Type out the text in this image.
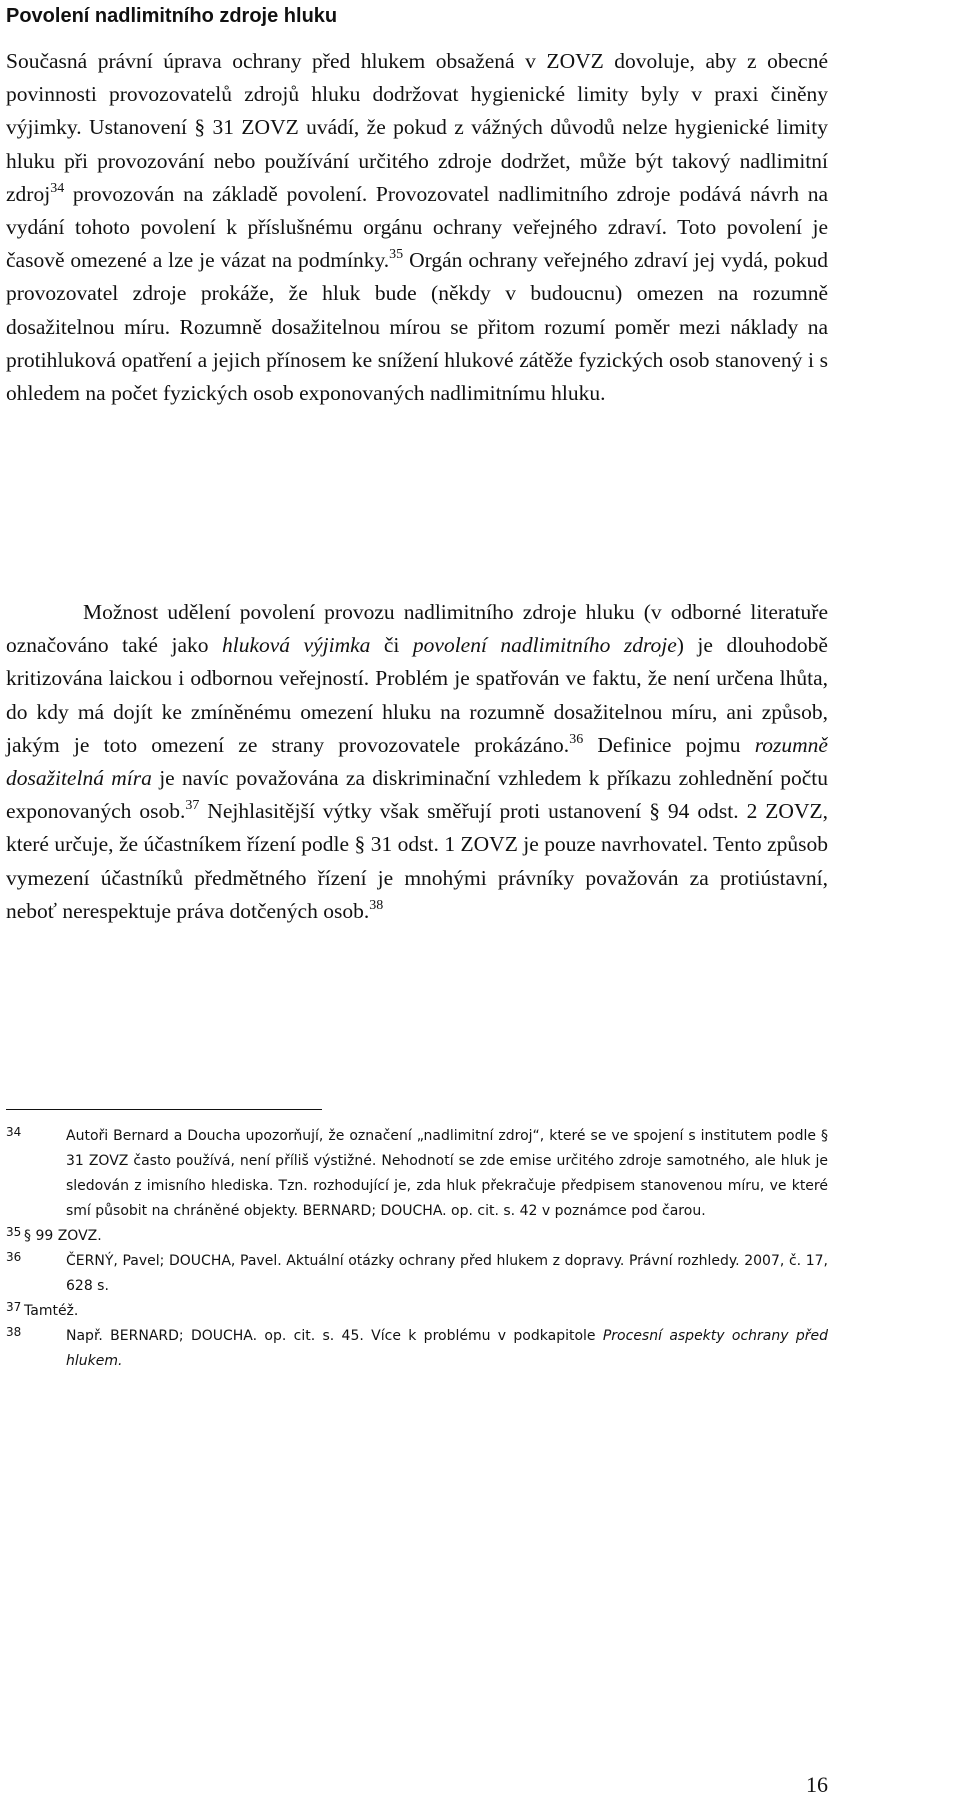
Povolení nadlimitního zdroje hluku

Současná právní úprava ochrany před hlukem obsažená v ZOVZ dovoluje, aby z obecné povinnosti provozovatelů zdrojů hluku dodržovat hygienické limity byly v praxi činěny výjimky. Ustanovení § 31 ZOVZ uvádí, že pokud z vážných důvodů nelze hygienické limity hluku při provozování nebo používání určitého zdroje dodržet, může být takový nadlimitní zdroj$^{34}$ provozován na základě povolení. Provozovatel nadlimitního zdroje podává návrh na vydání tohoto povolení k příslušnému orgánu ochrany veřejného zdraví. Toto povolení je časově omezené a lze je vázat na podmínky.$^{35}$ Orgán ochrany veřejného zdraví jej vydá, pokud provozovatel zdroje prokáže, že hluk bude (někdy v budoucnu) omezen na rozumně dosažitelnou míru. Rozumně dosažitelnou mírou se přitom rozumí poměr mezi náklady na protihluková opatření a jejich přínosem ke snížení hlukové zátěže fyzických osob stanovený i s ohledem na počet fyzických osob exponovaných nadlimitnímu hluku.

Možnost udělení povolení provozu nadlimitního zdroje hluku (v odborné literatuře označováno také jako hluková výjimka či povolení nadlimitního zdroje) je dlouhodobě kritizována laickou i odbornou veřejností. Problém je spatřován ve faktu, že není určena lhůta, do kdy má dojít ke zmíněnému omezení hluku na rozumně dosažitelnou míru, ani způsob, jakým je toto omezení ze strany provozovatele prokázáno.$^{36}$ Definice pojmu rozumně dosažitelná míra je navíc považována za diskriminační vzhledem k příkazu zohlednění počtu exponovaných osob.$^{37}$ Nejhlasitější výtky však směřují proti ustanovení § 94 odst. 2 ZOVZ, které určuje, že účastníkem řízení podle § 31 odst. 1 ZOVZ je pouze navrhovatel. Tento způsob vymezení účastníků předmětného řízení je mnohými právníky považován za protiústavní, neboť nerespektuje práva dotčených osob.$^{38}$

34	Autoři Bernard a Doucha upozorňují, že označení „nadlimitní zdroj“, které se ve spojení s institutem podle § 31 ZOVZ často používá, není příliš výstižné. Nehodnotí se zde emise určitého zdroje samotného, ale hluk je sledován z imisního hlediska. Tzn. rozhodující je, zda hluk překračuje předpisem stanovenou míru, ve které smí působit na chráněné objekty. BERNARD; DOUCHA. op. cit. s. 42 v poznámce pod čarou.
35 § 99 ZOVZ.
36	ČERNÝ, Pavel; DOUCHA, Pavel. Aktuální otázky ochrany před hlukem z dopravy. Právní rozhledy. 2007, č. 17, 628 s.
37 Tamtéž.
38	Např. BERNARD; DOUCHA. op. cit. s. 45. Více k problému v podkapitole Procesní aspekty ochrany před hlukem.
16
